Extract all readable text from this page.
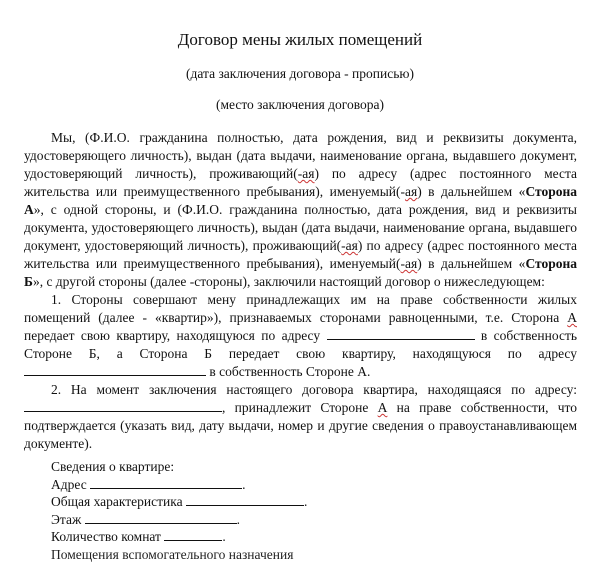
Договор мены жилых помещений
(дата заключения договора - прописью)
(место заключения договора)

Мы, (Ф.И.О. гражданина полностью, дата рождения, вид и реквизиты документа, удостоверяющего личность), выдан (дата выдачи, наименование органа, выдавшего документ, удостоверяющий личность), проживающий(-ая) по адресу (адрес постоянного места жительства или преимущественного пребывания), именуемый(-ая) в дальнейшем «Сторона А», с одной стороны, и (Ф.И.О. гражданина полностью, дата рождения, вид и реквизиты документа, удостоверяющего личность), выдан (дата выдачи, наименование органа, выдавшего документ, удостоверяющий личность), проживающий(-ая) по адресу (адрес постоянного места жительства или преимущественного пребывания), именуемый(-ая) в дальнейшем «Сторона Б», с другой стороны (далее -стороны), заключили настоящий договор о нижеследующем:

1. Стороны совершают мену принадлежащих им на праве собственности жилых помещений (далее - «квартир»), признаваемых сторонами равноценными, т.е. Сторона А передает свою квартиру, находящуюся по адресу	в собственность Стороне Б, а Сторона Б передает свою квартиру, находящуюся по адресу  в собственность Стороне А.

2. На момент заключения настоящего договора квартира, находящаяся по адресу: , принадлежит Стороне А на праве собственности, что подтверждается (указать вид, дату выдачи, номер и другие сведения о правоустанавливающем документе).

Сведения о квартире:
Адрес	.
Общая характеристика	.
Этаж	.
Количество комнат	.
Помещения вспомогательного назначения
